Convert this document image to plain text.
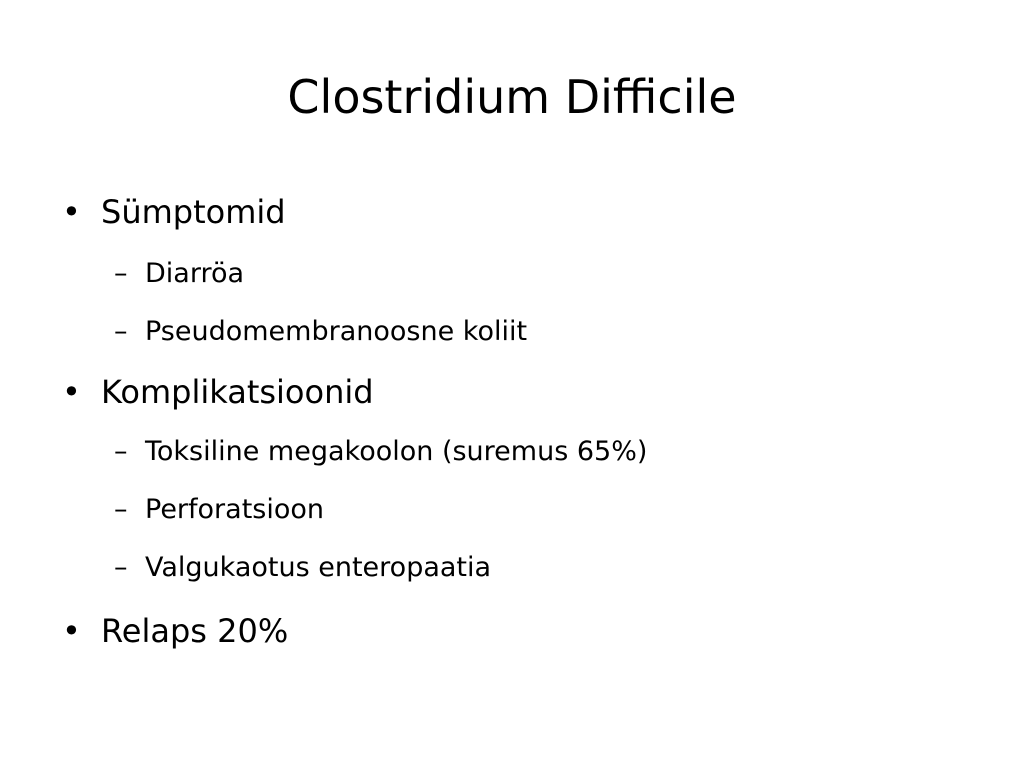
Clostridium Difficile
• Sümptomid
– Diarröa
– Pseudomembranoosne koliit
• Komplikatsioonid
– Toksiline megakoolon (suremus 65%)
– Perforatsioon
– Valgukaotus enteropaatia
• Relaps 20%
